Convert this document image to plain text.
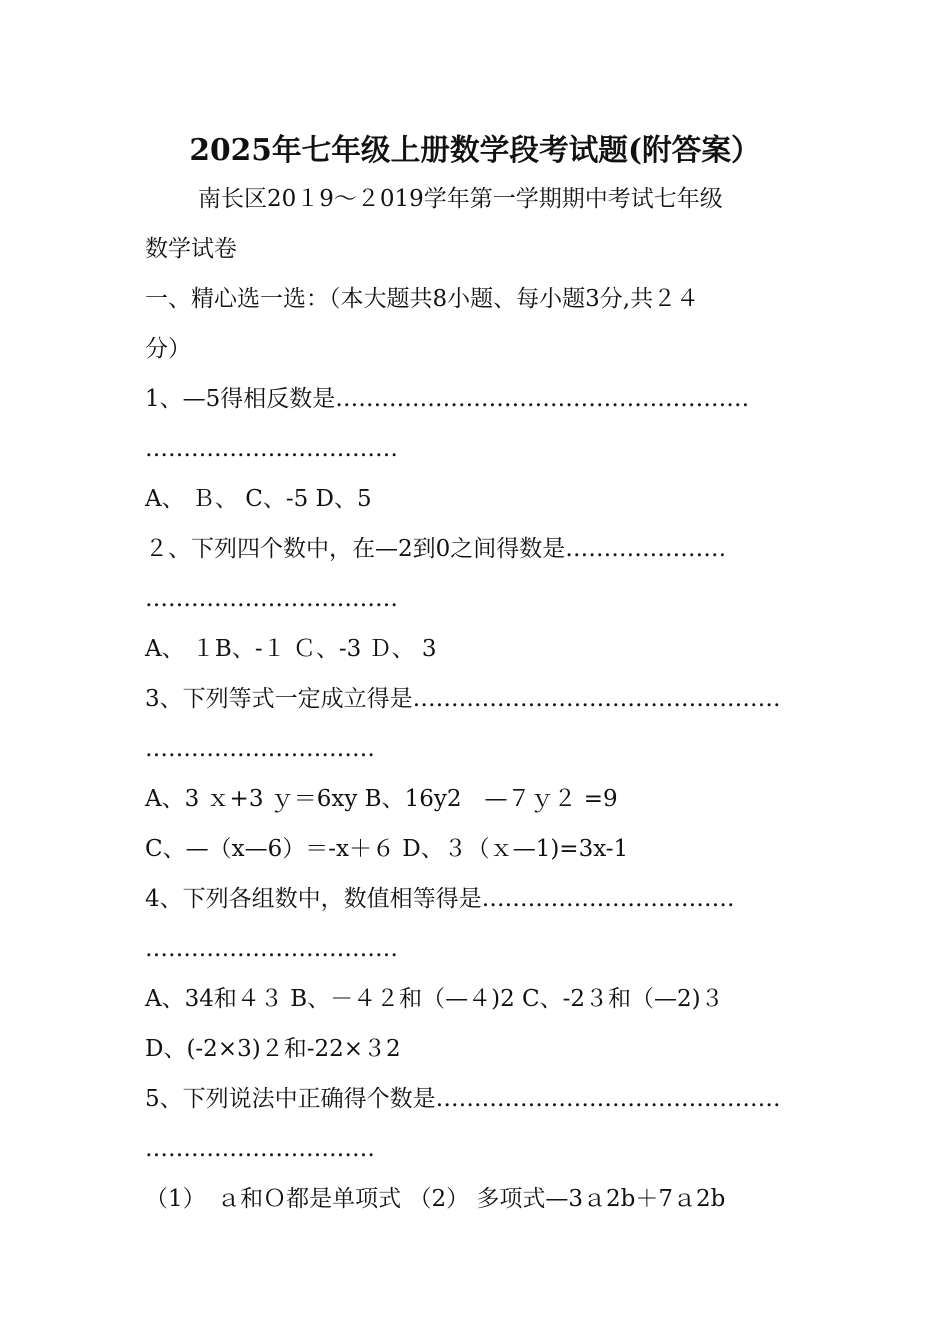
2025年七年级上册数学段考试题(附答案）
南长区20１9～２019学年第一学期期中考试七年级
数学试卷
一、精心选一选：（本大题共8小题、每小题3分,共２４
分）
1、—5得相反数是………………………………………………
……………………………
A、 Ｂ、 C、-5 D、5
２、下列四个数中，在—2到0之间得数是…………………
……………………………
A、 １B、-１ Ｃ、-3 Ｄ、 3
3、下列等式一定成立得是…………………………………………
…………………………
A、3 ｘ+3 ｙ＝6xy B、16y2　—７ｙ２ =9
C、—（x—6）＝-x＋６ D、３（ｘ—1)=3x-1
4、下列各组数中，数值相等得是……………………………
……………………………
A、34和４３ B、－４２和（—４)2 C、-2３和（—2)３
D、(-2×3)２和-22×３2
5、下列说法中正确得个数是………………………………………
…………………………
（1）　ａ和Ｏ都是单项式 （2） 多项式—3ａ2b＋7ａ2b
